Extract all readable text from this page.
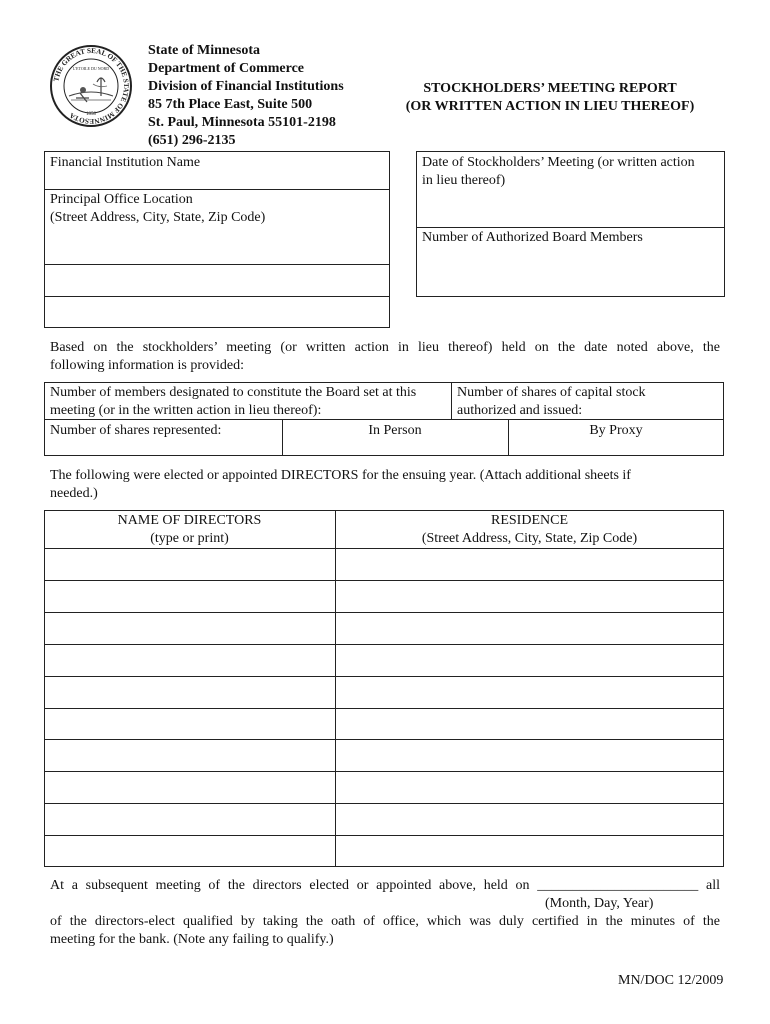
THE GREAT SEAL OF THE STATE OF MINNESOTA
L'ETOILE DU NORD
1858
State of Minnesota
Department of Commerce
Division of Financial Institutions
85 7th Place East, Suite 500
St. Paul, Minnesota 55101-2198
(651) 296-2135
STOCKHOLDERS’ MEETING REPORT
(OR WRITTEN ACTION IN LIEU THEREOF)
Financial Institution Name
Principal Office Location
(Street Address, City, State, Zip Code)
Date of Stockholders’ Meeting (or written action
in lieu thereof)
Number of Authorized Board Members
Based on the stockholders’ meeting (or written action in lieu thereof) held on the date noted above, the
following information is provided:
Number of members designated to constitute the Board set at this
meeting (or in the written action in lieu thereof):
Number of shares of capital stock
authorized and issued:
Number of shares represented:	In Person	By Proxy
The following were elected or appointed DIRECTORS for the ensuing year. (Attach additional sheets if
needed.)
NAME OF DIRECTORS
(type or print)
RESIDENCE
(Street Address, City, State, Zip Code)
At a subsequent meeting of the directors elected or appointed above, held on _______________________ all
(Month, Day, Year)
of the directors-elect qualified by taking the oath of office, which was duly certified in the minutes of the
meeting for the bank. (Note any failing to qualify.)
MN/DOC 12/2009
